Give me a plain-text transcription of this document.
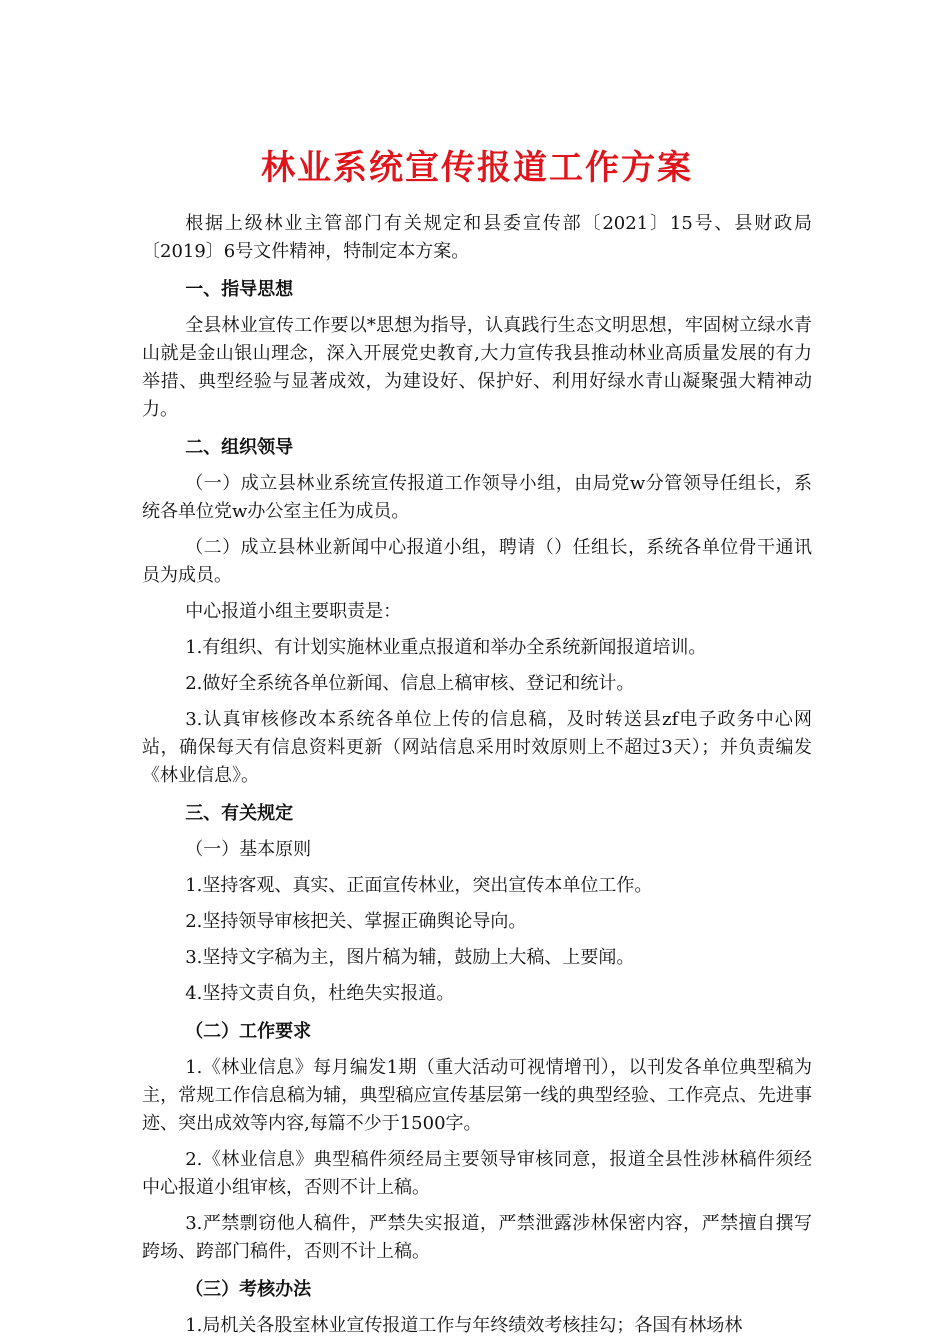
林业系统宣传报道工作方案

根据上级林业主管部门有关规定和县委宣传部〔2021〕15号、县财政局〔2019〕6号文件精神，特制定本方案。

一、指导思想

全县林业宣传工作要以*思想为指导，认真践行生态文明思想，牢固树立绿水青山就是金山银山理念，深入开展党史教育,大力宣传我县推动林业高质量发展的有力举措、典型经验与显著成效，为建设好、保护好、利用好绿水青山凝聚强大精神动力。

二、组织领导

（一）成立县林业系统宣传报道工作领导小组，由局党w分管领导任组长，系统各单位党w办公室主任为成员。

（二）成立县林业新闻中心报道小组，聘请（）任组长，系统各单位骨干通讯员为成员。

中心报道小组主要职责是：

1.有组织、有计划实施林业重点报道和举办全系统新闻报道培训。

2.做好全系统各单位新闻、信息上稿审核、登记和统计。

3.认真审核修改本系统各单位上传的信息稿，及时转送县zf电子政务中心网站，确保每天有信息资料更新（网站信息采用时效原则上不超过3天）；并负责编发《林业信息》。

三、有关规定

（一）基本原则

1.坚持客观、真实、正面宣传林业，突出宣传本单位工作。

2.坚持领导审核把关、掌握正确舆论导向。

3.坚持文字稿为主，图片稿为辅，鼓励上大稿、上要闻。

4.坚持文责自负，杜绝失实报道。

（二）工作要求

1.《林业信息》每月编发1期（重大活动可视情增刊），以刊发各单位典型稿为主，常规工作信息稿为辅，典型稿应宣传基层第一线的典型经验、工作亮点、先进事迹、突出成效等内容,每篇不少于1500字。

2.《林业信息》典型稿件须经局主要领导审核同意，报道全县性涉林稿件须经中心报道小组审核，否则不计上稿。

3.严禁剽窃他人稿件，严禁失实报道，严禁泄露涉林保密内容，严禁擅自撰写跨场、跨部门稿件，否则不计上稿。

（三）考核办法

1.局机关各股室林业宣传报道工作与年终绩效考核挂勾；各国有林场林
